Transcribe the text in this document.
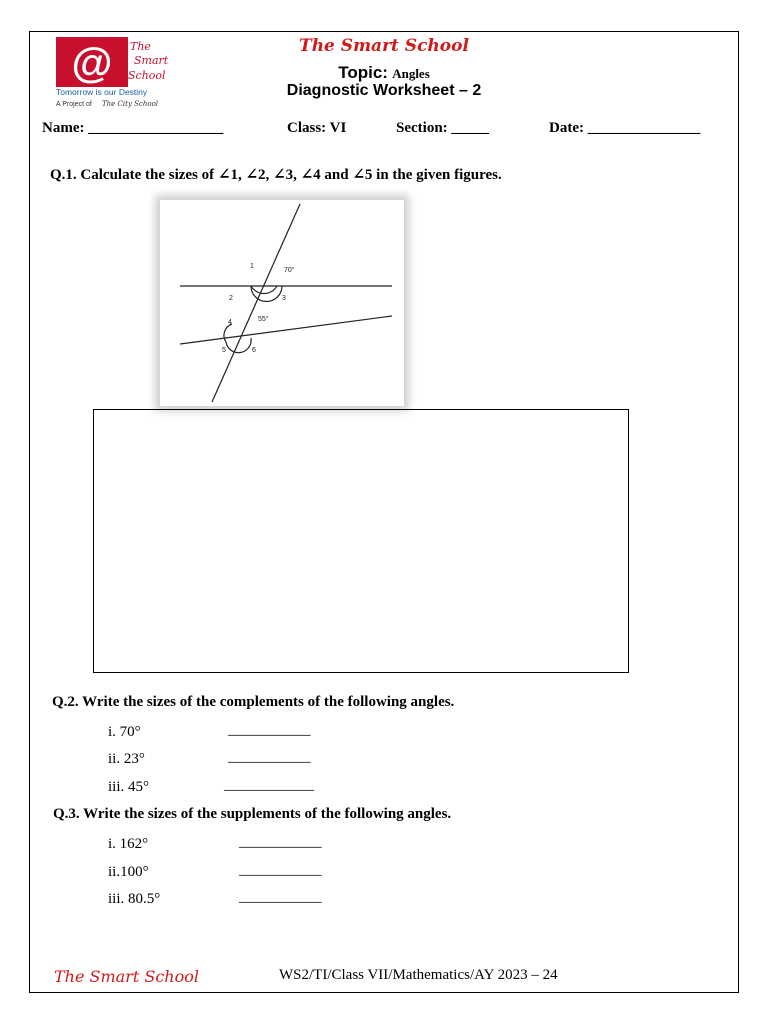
@ The
Smart
School
Tomorrow is our Destiny
A Project of The City School
The Smart School
Topic: Angles
Diagnostic Worksheet – 2
Name: __________________	Class: VI	Section: _____	Date: _______________
Q.1. Calculate the sizes of ∠1, ∠2, ∠3, ∠4 and ∠5 in the given figures.
1
70°
2	3
4	55°
5	6
Q.2. Write the sizes of the complements of the following angles.
i. 70°	___________
ii. 23°	___________
iii. 45°	____________
Q.3. Write the sizes of the supplements of the following angles.
i. 162°	___________
ii.100°	___________
iii. 80.5°	___________
The Smart School	WS2/TI/Class VII/Mathematics/AY 2023 – 24
